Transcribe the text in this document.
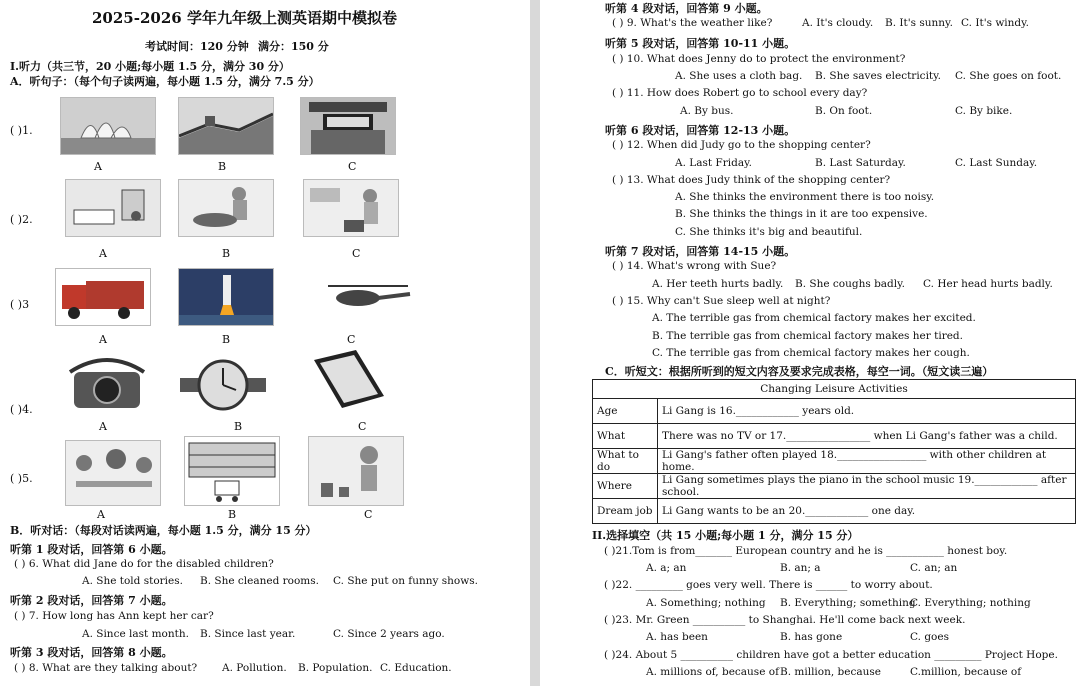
2025-2026 学年九年级上测英语期中模拟卷
考试时间：120 分钟 满分：150 分
I.听力（共三节，20 小题;每小题 1.5 分，满分 30 分）
A．听句子：（每个句子读两遍，每小题 1.5 分，满分 7.5 分）
( )1.
A	B	C
( )2.
A	B	C
( )3
A	B	C
( )4.
A	B	C
( )5.
A	B	C
B．听对话：（每段对话读两遍，每小题 1.5 分，满分 15 分）
听第 1 段对话，回答第 6 小题。
( ) 6. What did Jane do for the disabled children?
A. She told stories. B. She cleaned rooms. C. She put on funny shows.
听第 2 段对话，回答第 7 小题。
( ) 7. How long has Ann kept her car?
A. Since last month. B. Since last year.	C. Since 2 years ago.
听第 3 段对话，回答第 8 小题。
( ) 8. What are they talking about? A. Pollution. B. Population. C. Education.
听第 4 段对话，回答第 9 小题。
( ) 9. What's the weather like?	A. It's cloudy. B. It's sunny. C. It's windy.
听第 5 段对话，回答第 10-11 小题。
( ) 10. What does Jenny do to protect the environment?
A. She uses a cloth bag. B. She saves electricity. C. She goes on foot.
( ) 11. How does Robert go to school every day?
A. By bus.	B. On foot.	C. By bike.
听第 6 段对话，回答第 12-13 小题。
( ) 12. When did Judy go to the shopping center?
A. Last Friday.	B. Last Saturday.	C. Last Sunday.
( ) 13. What does Judy think of the shopping center?
A. She thinks the environment there is too noisy.
B. She thinks the things in it are too expensive.
C. She thinks it's big and beautiful.
听第 7 段对话，回答第 14-15 小题。
( ) 14. What's wrong with Sue?
A. Her teeth hurts badly. B. She coughs badly. C. Her head hurts badly.
( ) 15. Why can't Sue sleep well at night?
A. The terrible gas from chemical factory makes her excited.
B. The terrible gas from chemical factory makes her tired.
C. The terrible gas from chemical factory makes her cough.
C．听短文：根据所听到的短文内容及要求完成表格，每空一词。（短文读三遍）
Changing Leisure Activities	
Age	Li Gang is 16.____________ years old.
What	There was no TV or 17.________________ when Li Gang's father was a child.
What to do	Li Gang's father often played 18._________________ with other children at home.
Where	Li Gang sometimes plays the piano in the school music 19.____________ after school.
Dream job	Li Gang wants to be an 20.____________ one day.
II.选择填空（共 15 小题;每小题 1 分，满分 15 分）
( )21.Tom is from_______ European country and he is ___________ honest boy.
A. a; an	B. an; a	C. an; an
( )22. _________ goes very well. There is ______ to worry about.
A. Something; nothing B. Everything; something
C. Everything; nothing
( )23. Mr. Green __________ to Shanghai. He'll come back next week.
A. has been	B. has gone	C. goes
( )24. About 5 __________ children have got a better education _________ Project Hope.
A. millions of, because of B. million, because	C.million, because of
